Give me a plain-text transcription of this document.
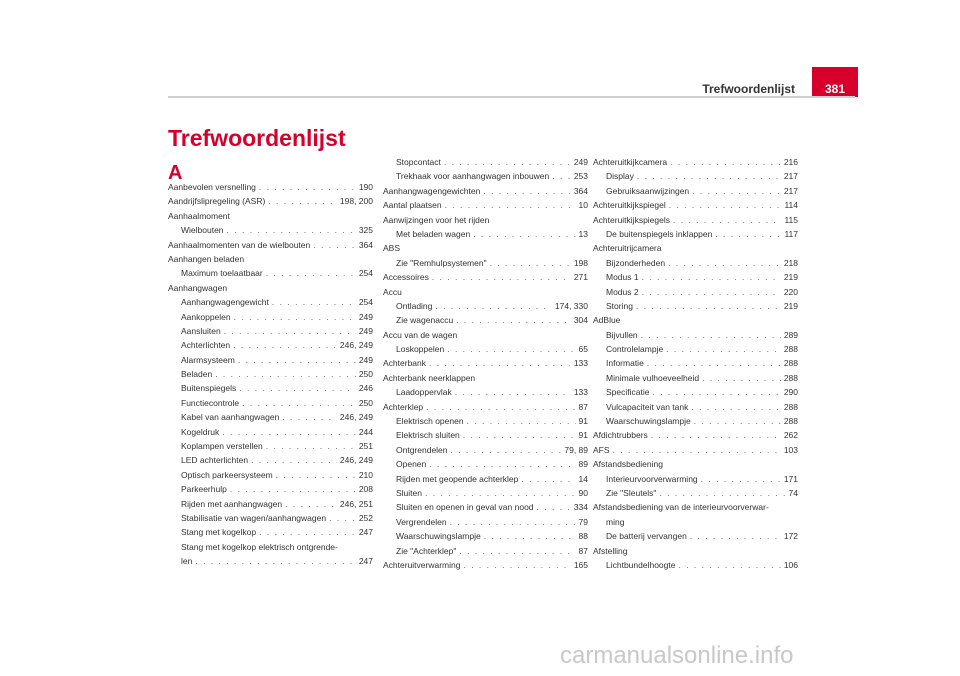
Trefwoordenlijst	381
Trefwoordenlijst
A
Aanbevolen versnelling . . .	190
Aandrijfslipregeling (ASR) . . .	198, 200
Aanhaalmoment
Wielbouten . . .	325
Aanhaalmomenten van de wielbouten . . .	364
Aanhangen beladen
Maximum toelaatbaar . . .	254
Aanhangwagen
Aanhangwagengewicht . . .	254
Aankoppelen . . .	249
Aansluiten . . .	249
Achterlichten . . .	246, 249
Alarmsysteem . . .	249
Beladen . . .	250
Buitenspiegels . . .	246
Functiecontrole . . .	250
Kabel van aanhangwagen . . .	246, 249
Kogeldruk . . .	244
Koplampen verstellen . . .	251
LED achterlichten . . .	246, 249
Optisch parkeersysteem . . .	210
Parkeerhulp . . .	208
Rijden met aanhangwagen . . .	246, 251
Stabilisatie van wagen/aanhangwagen . . .	252
Stang met kogelkop . . .	247
Stang met kogelkop elektrisch ontgrende-
len . . .	247
Stopcontact . . .	249
Trekhaak voor aanhangwagen inbouwen . . .	253
Aanhangwagengewichten . . .	364
Aantal plaatsen . . .	10
Aanwijzingen voor het rijden
Met beladen wagen . . .	13
ABS
Zie "Remhulpsystemen" . . .	198
Accessoires . . .	271
Accu
Ontlading . . .	174, 330
Zie wagenaccu . . .	304
Accu van de wagen
Loskoppelen . . .	65
Achterbank . . .	133
Achterbank neerklappen
Laadoppervlak . . .	133
Achterklep . . .	87
Elektrisch openen . . .	91
Elektrisch sluiten . . .	91
Ontgrendelen . . .	79, 89
Openen . . .	89
Rijden met geopende achterklep . . .	14
Sluiten . . .	90
Sluiten en openen in geval van nood . . .	334
Vergrendelen . . .	79
Waarschuwingslampje . . .	88
Zie "Achterklep" . . .	87
Achteruitverwarming . . .	165
Achteruitkijkcamera . . .	216
Display . . .	217
Gebruiksaanwijzingen . . .	217
Achteruitkijkspiegel . . .	114
Achteruitkijkspiegels . . .	115
De buitenspiegels inklappen . . .	117
Achteruitrijcamera
Bijzonderheden . . .	218
Modus 1 . . .	219
Modus 2 . . .	220
Storing . . .	219
AdBlue
Bijvullen . . .	289
Controlelampje . . .	288
Informatie . . .	288
Minimale vulhoeveelheid . . .	288
Specificatie . . .	290
Vulcapaciteit van tank . . .	288
Waarschuwingslampje . . .	288
Afdichtrubbers . . .	262
AFS . . .	103
Afstandsbediening
Interieurvoorverwarming . . .	171
Zie "Sleutels" . . .	74
Afstandsbediening van de interieurvoorverwar-
ming
De batterij vervangen . . .	172
Afstelling
Lichtbundelhoogte . . .	106
carmanualsonline.info
